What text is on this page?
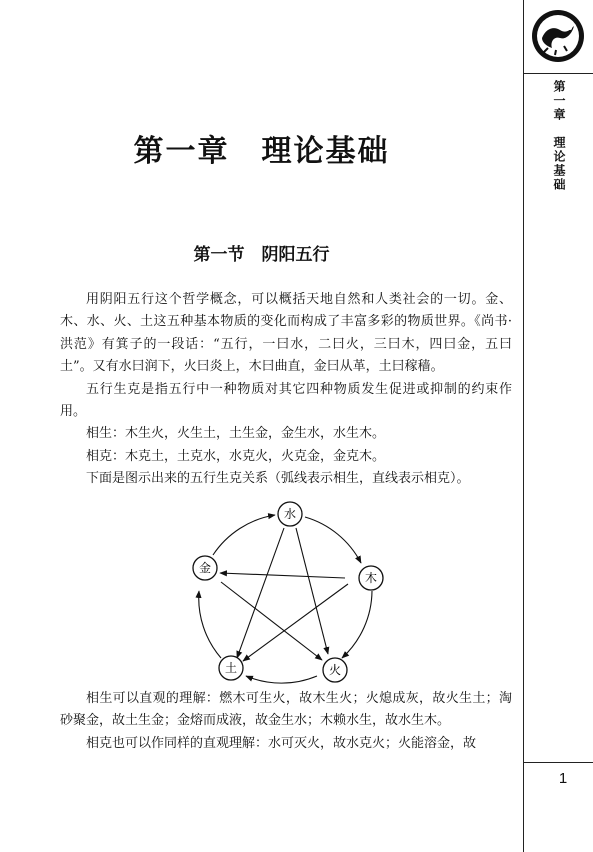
第一章
理论基础
1
第一章　理论基础
第一节　阴阳五行

用阴阳五行这个哲学概念，可以概括天地自然和人类社会的一切。金、木、水、火、土这五种基本物质的变化而构成了丰富多彩的物质世界。《尚书·洪范》有箕子的一段话：“五行，一曰水，二曰火，三曰木，四曰金，五曰土”。又有水曰润下，火曰炎上，木曰曲直，金曰从革，土曰稼穑。

五行生克是指五行中一种物质对其它四种物质发生促进或抑制的约束作用。

相生：木生火，火生土，土生金，金生水，水生木。

相克：木克土，土克水，水克火，火克金，金克木。

下面是图示出来的五行生克关系（弧线表示相生，直线表示相克）。

水
木
火
土
金

相生可以直观的理解：燃木可生火，故木生火；火熄成灰，故火生土；淘砂聚金，故土生金；金熔而成液，故金生水；木赖水生，故水生木。

相克也可以作同样的直观理解：水可灭火，故水克火；火能溶金，故
